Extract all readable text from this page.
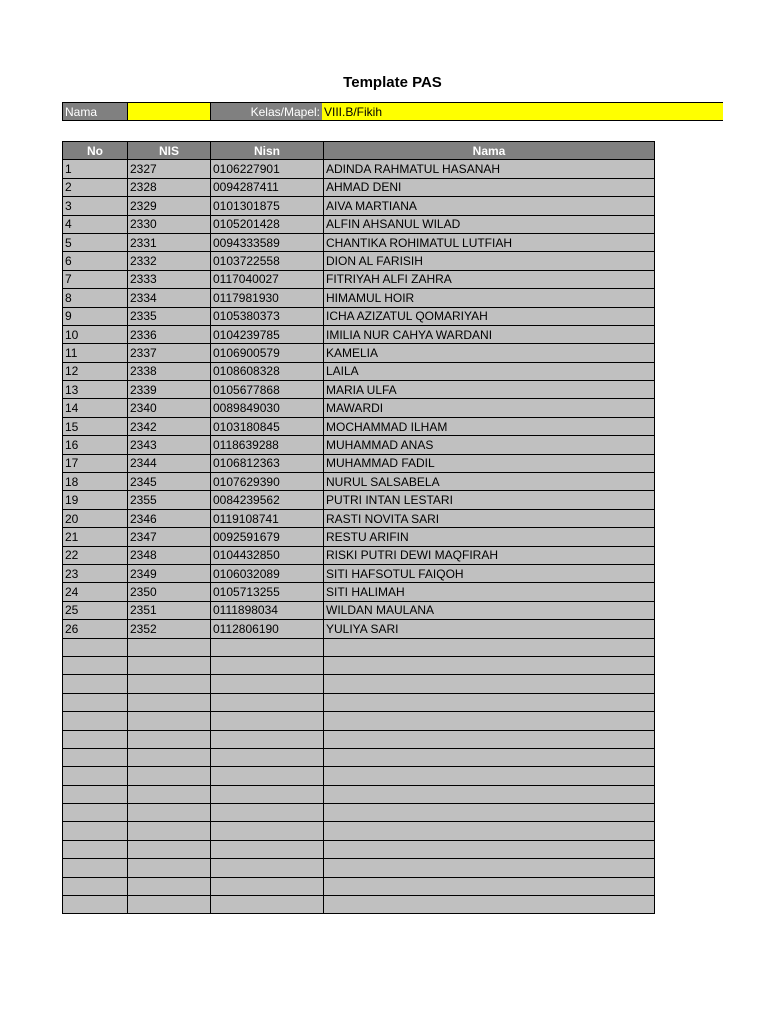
Template PAS
Nama	Kelas/Mapel: VIII.B/Fikih
No	NIS	Nisn	Nama
1	2327	0106227901	ADINDA RAHMATUL HASANAH
2	2328	0094287411	AHMAD DENI
3	2329	0101301875	AIVA MARTIANA
4	2330	0105201428	ALFIN AHSANUL WILAD
5	2331	0094333589	CHANTIKA ROHIMATUL LUTFIAH
6	2332	0103722558	DION AL FARISIH
7	2333	0117040027	FITRIYAH ALFI ZAHRA
8	2334	0117981930	HIMAMUL HOIR
9	2335	0105380373	ICHA AZIZATUL QOMARIYAH
10	2336	0104239785	IMILIA NUR CAHYA WARDANI
11	2337	0106900579	KAMELIA
12	2338	0108608328	LAILA
13	2339	0105677868	MARIA ULFA
14	2340	0089849030	MAWARDI
15	2342	0103180845	MOCHAMMAD ILHAM
16	2343	0118639288	MUHAMMAD ANAS
17	2344	0106812363	MUHAMMAD FADIL
18	2345	0107629390	NURUL SALSABELA
19	2355	0084239562	PUTRI INTAN LESTARI
20	2346	0119108741	RASTI NOVITA SARI
21	2347	0092591679	RESTU ARIFIN
22	2348	0104432850	RISKI PUTRI DEWI MAQFIRAH
23	2349	0106032089	SITI HAFSOTUL FAIQOH
24	2350	0105713255	SITI HALIMAH
25	2351	0111898034	WILDAN MAULANA
26	2352	0112806190	YULIYA SARI
